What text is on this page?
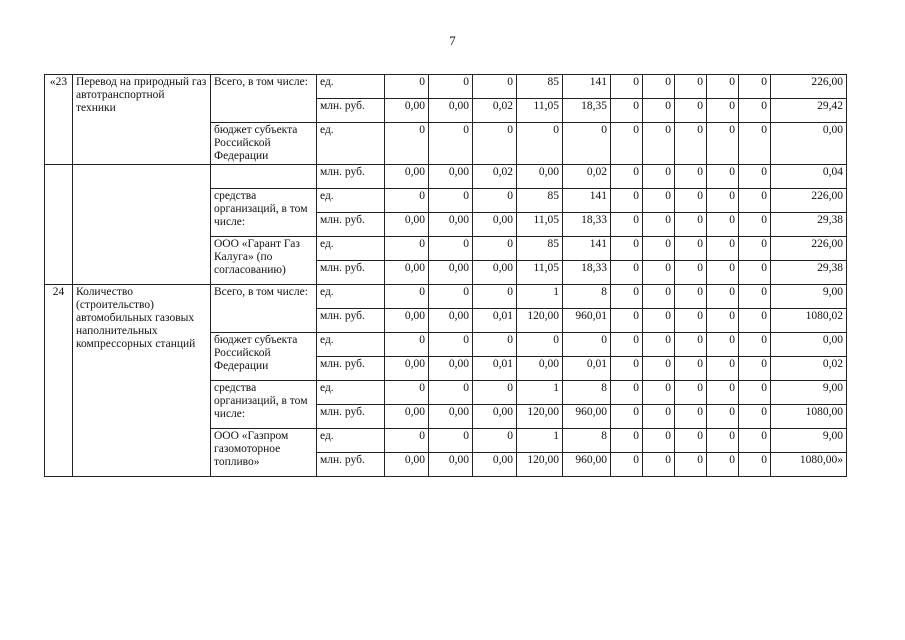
7
«23	Перевод на природный газ автотранспортной техники	Всего, в том числе:	ед.	0	0	0	85	141	0	0	0	0	0	226,00
			млн. руб.	0,00	0,00	0,02	11,05	18,35	0	0	0	0	0	29,42
		бюджет субъекта Российской Федерации	ед.	0	0	0	0	0	0	0	0	0	0	0,00
			млн. руб.	0,00	0,00	0,02	0,00	0,02	0	0	0	0	0	0,04
		средства организаций, в том числе:	ед.	0	0	0	85	141	0	0	0	0	0	226,00
			млн. руб.	0,00	0,00	0,00	11,05	18,33	0	0	0	0	0	29,38
		ООО «Гарант Газ Калуга» (по согласованию)	ед.	0	0	0	85	141	0	0	0	0	0	226,00
			млн. руб.	0,00	0,00	0,00	11,05	18,33	0	0	0	0	0	29,38
24	Количество (строительство) автомобильных газовых наполнительных компрессорных станций	Всего, в том числе:	ед.	0	0	0	1	8	0	0	0	0	0	9,00
			млн. руб.	0,00	0,00	0,01	120,00	960,01	0	0	0	0	0	1080,02
		бюджет субъекта Российской Федерации	ед.	0	0	0	0	0	0	0	0	0	0	0,00
			млн. руб.	0,00	0,00	0,01	0,00	0,01	0	0	0	0	0	0,02
		средства организаций, в том числе:	ед.	0	0	0	1	8	0	0	0	0	0	9,00
			млн. руб.	0,00	0,00	0,00	120,00	960,00	0	0	0	0	0	1080,00
		ООО «Газпром газомоторное топливо»	ед.	0	0	0	1	8	0	0	0	0	0	9,00
			млн. руб.	0,00	0,00	0,00	120,00	960,00	0	0	0	0	0	1080,00»
